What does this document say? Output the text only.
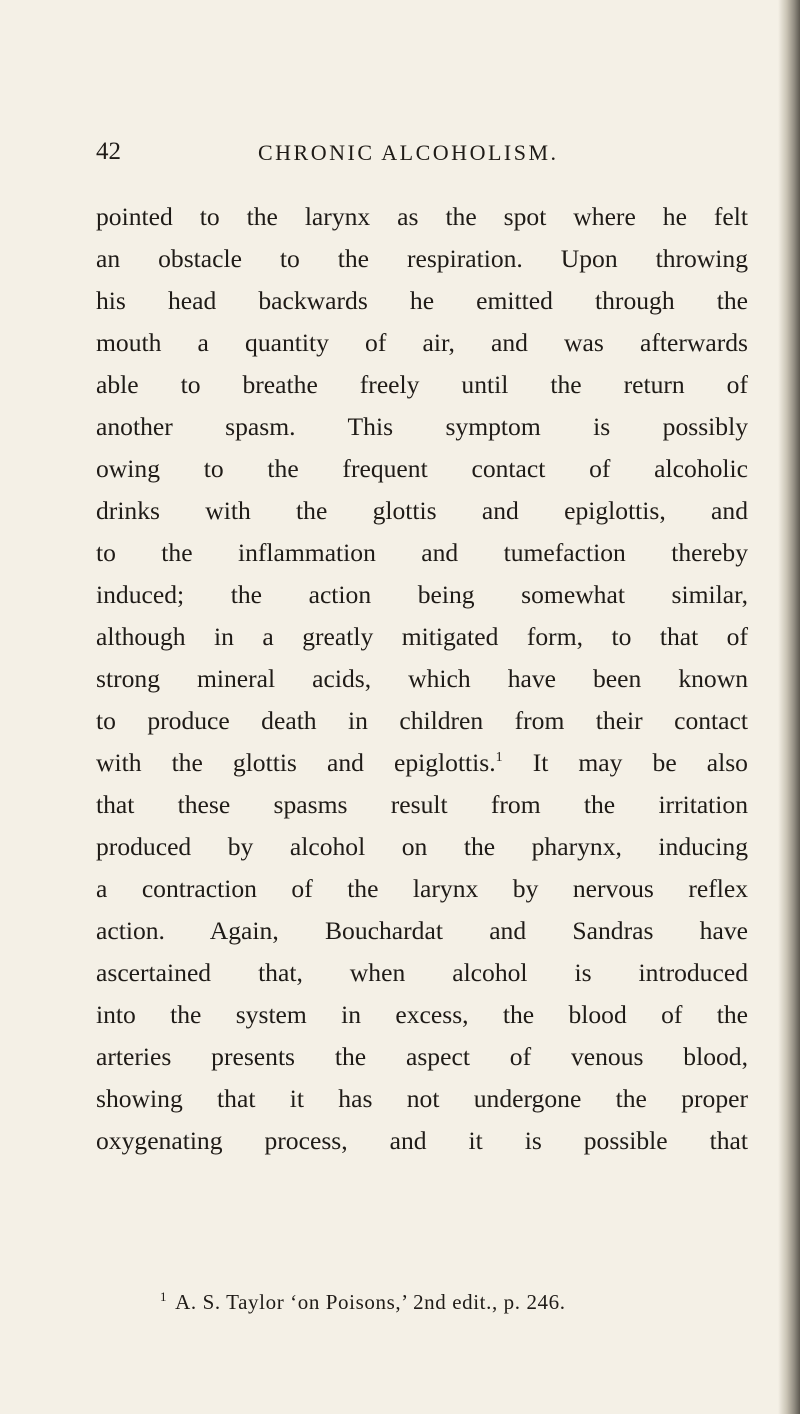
42	CHRONIC ALCOHOLISM.
pointed to the larynx as the spot where he felt
an obstacle to the respiration. Upon throwing
his head backwards he emitted through the
mouth a quantity of air, and was afterwards
able to breathe freely until the return of
another spasm. This symptom is possibly
owing to the frequent contact of alcoholic
drinks with the glottis and epiglottis, and
to the inflammation and tumefaction thereby
induced; the action being somewhat similar,
although in a greatly mitigated form, to that of
strong mineral acids, which have been known
to produce death in children from their contact
with the glottis and epiglottis.$^1$ It may be also
that these spasms result from the irritation
produced by alcohol on the pharynx, inducing
a contraction of the larynx by nervous reflex
action. Again, Bouchardat and Sandras have
ascertained that, when alcohol is introduced
into the system in excess, the blood of the
arteries presents the aspect of venous blood,
showing that it has not undergone the proper
oxygenating process, and it is possible that
$^1$ A. S. Taylor ‘on Poisons,’ 2nd edit., p. 246.
